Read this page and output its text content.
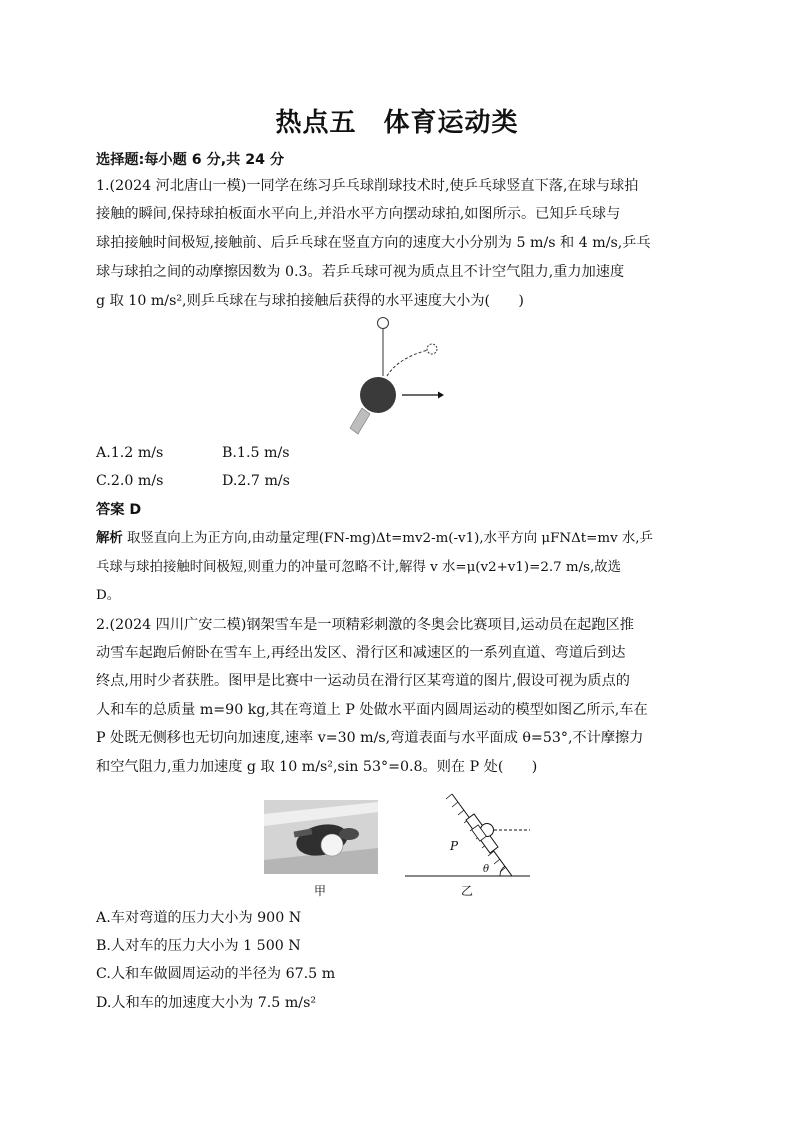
热点五　体育运动类
选择题:每小题 6 分,共 24 分
1.(2024 河北唐山一模)一同学在练习乒乓球削球技术时,使乒乓球竖直下落,在球与球拍
接触的瞬间,保持球拍板面水平向上,并沿水平方向摆动球拍,如图所示。已知乒乓球与
球拍接触时间极短,接触前、后乒乓球在竖直方向的速度大小分别为 5 m/s 和 4 m/s,乒乓
球与球拍之间的动摩擦因数为 0.3。若乒乓球可视为质点且不计空气阻力,重力加速度
g 取 10 m/s²,则乒乓球在与球拍接触后获得的水平速度大小为(　　)
A.1.2 m/s	B.1.5 m/s
C.2.0 m/s	D.2.7 m/s
答案 D
解析 取竖直向上为正方向,由动量定理(FN-mg)Δt=mv2-m(-v1),水平方向 μFNΔt=mv 水,乒
乓球与球拍接触时间极短,则重力的冲量可忽略不计,解得 v 水=μ(v2+v1)=2.7 m/s,故选
D。
2.(2024 四川广安二模)钢架雪车是一项精彩刺激的冬奥会比赛项目,运动员在起跑区推
动雪车起跑后俯卧在雪车上,再经出发区、滑行区和减速区的一系列直道、弯道后到达
终点,用时少者获胜。图甲是比赛中一运动员在滑行区某弯道的图片,假设可视为质点的
人和车的总质量 m=90 kg,其在弯道上 P 处做水平面内圆周运动的模型如图乙所示,车在
P 处既无侧移也无切向加速度,速率 v=30 m/s,弯道表面与水平面成 θ=53°,不计摩擦力
和空气阻力,重力加速度 g 取 10 m/s²,sin 53°=0.8。则在 P 处(　　)
甲
P
θ
乙
A.车对弯道的压力大小为 900 N
B.人对车的压力大小为 1 500 N
C.人和车做圆周运动的半径为 67.5 m
D.人和车的加速度大小为 7.5 m/s²
